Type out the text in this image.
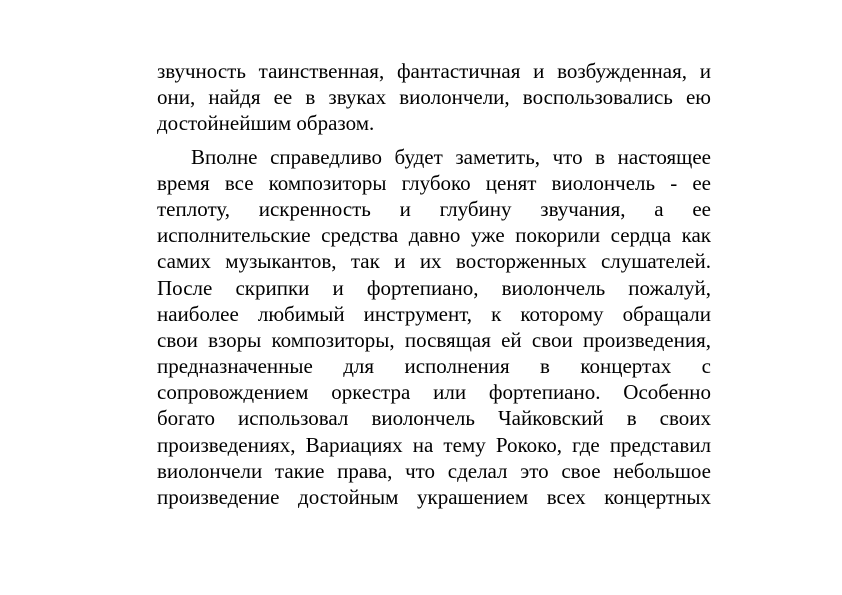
звучность таинственная, фантастичная и возбужденная, и
они, найдя ее в звуках виолончели, воспользовались ею
достойнейшим образом.
Вполне справедливо будет заметить, что в настоящее
время все композиторы глубоко ценят виолончель - ее
теплоту, искренность и глубину звучания, а ее
исполнительские средства давно уже покорили сердца как
самих музыкантов, так и их восторженных слушателей.
После скрипки и фортепиано, виолончель пожалуй,
наиболее любимый инструмент, к которому обращали
свои взоры композиторы, посвящая ей свои произведения,
предназначенные для исполнения в концертах с
сопровождением оркестра или фортепиано. Особенно
богато использовал виолончель Чайковский в своих
произведениях, Вариациях на тему Рококо, где представил
виолончели такие права, что сделал это свое небольшое
произведение достойным украшением всех концертных
